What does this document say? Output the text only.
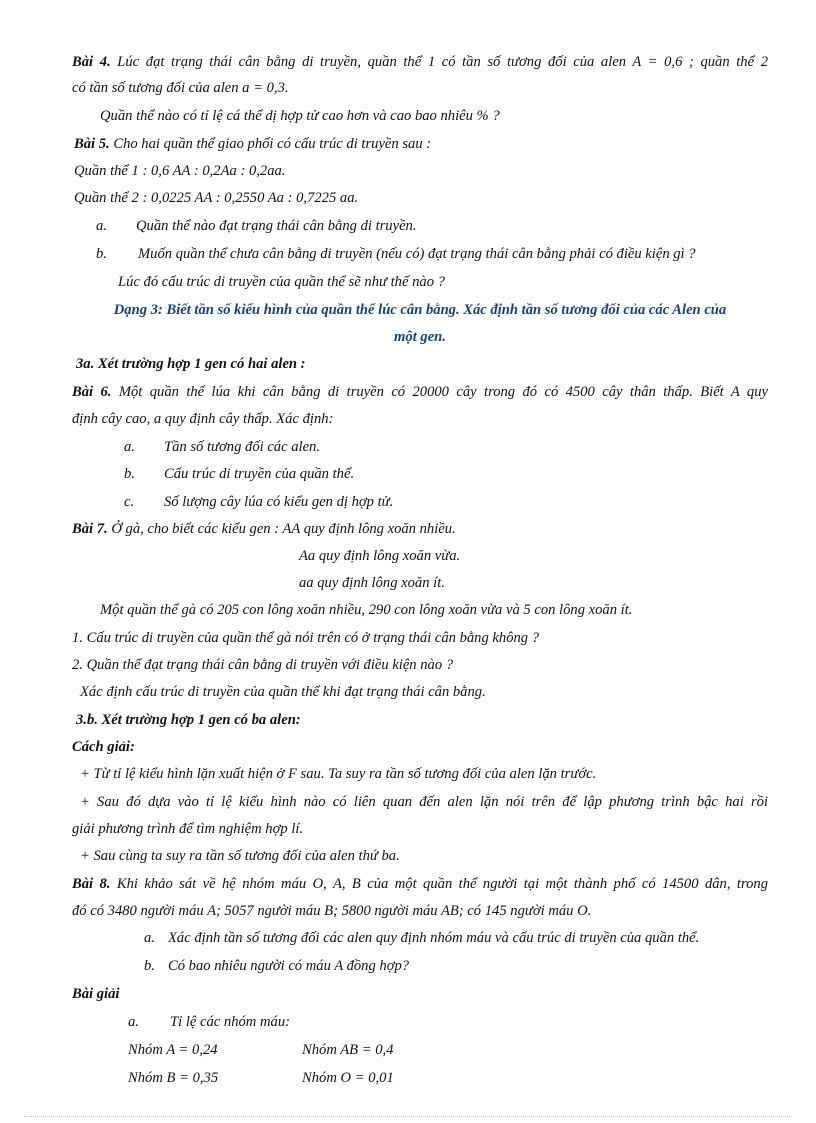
Bài 4. Lúc đạt trạng thái cân bằng di truyền, quần thể 1 có tần số tương đối của alen A = 0,6 ; quần thể 2
có tần số tương đối của alen a = 0,3.
Quần thể nào có tỉ lệ cá thể dị hợp tử cao hơn và cao bao nhiêu % ?
Bài 5. Cho hai quần thể giao phối có cấu trúc di truyền sau :
Quần thể 1 : 0,6 AA : 0,2Aa : 0,2aa.
Quần thể 2 : 0,0225 AA : 0,2550 Aa : 0,7225 aa.
a. Quần thể nào đạt trạng thái cân bằng di truyền.
b. Muốn quần thể chưa cân bằng di truyền (nếu có) đạt trạng thái cân bằng phải có điều kiện gì ?
Lúc đó cấu trúc di truyền của quần thể sẽ như thế nào ?
Dạng 3: Biết tần số kiểu hình của quần thể lúc cân bằng. Xác định tần số tương đối của các Alen của
một gen.
3a. Xét trường hợp 1 gen có hai alen :
Bài 6. Một quần thể lúa khi cân bằng di truyền có 20000 cây trong đó có 4500 cây thân thấp. Biết A quy
định cây cao, a quy định cây thấp. Xác định:
a. Tần số tương đối các alen.
b. Cấu trúc di truyền của quần thể.
c. Số lượng cây lúa có kiểu gen dị hợp tử.
Bài 7. Ở gà, cho biết các kiểu gen : AA quy định lông xoăn nhiều.
Aa quy định lông xoăn vừa.
aa quy định lông xoăn ít.
Một quần thể gà có 205 con lông xoăn nhiều, 290 con lông xoăn vừa và 5 con lông xoăn ít.
1. Cấu trúc di truyền của quần thể gà nói trên có ở trạng thái cân bằng không ?
2. Quần thể đạt trạng thái cân bằng di truyền với điều kiện nào ?
Xác định cấu trúc di truyền của quần thể khi đạt trạng thái cân bằng.
3.b. Xét trường hợp 1 gen có ba alen:
Cách giải:
+ Từ tỉ lệ kiểu hình lặn xuất hiện ở F sau. Ta suy ra tần số tương đối của alen lặn trước.
+ Sau đó dựa vào tỉ lệ kiểu hình nào có liên quan đến alen lặn nói trên để lập phương trình bậc hai rồi
giải phương trình để tìm nghiệm hợp lí.
+ Sau cùng ta suy ra tần số tương đối của alen thứ ba.
Bài 8. Khi khảo sát về hệ nhóm máu O, A, B của một quần thể người tại một thành phố có 14500 dân, trong
đó có 3480 người máu A; 5057 người máu B; 5800 người máu AB; có 145 người máu O.
a. Xác định tần số tương đối các alen quy định nhóm máu và cấu trúc di truyền của quần thể.
b. Có bao nhiêu người có máu A đồng hợp?
Bài giải
a. Tỉ lệ các nhóm máu:
Nhóm A = 0,24	Nhóm AB = 0,4
Nhóm B = 0,35	Nhóm O = 0,01
